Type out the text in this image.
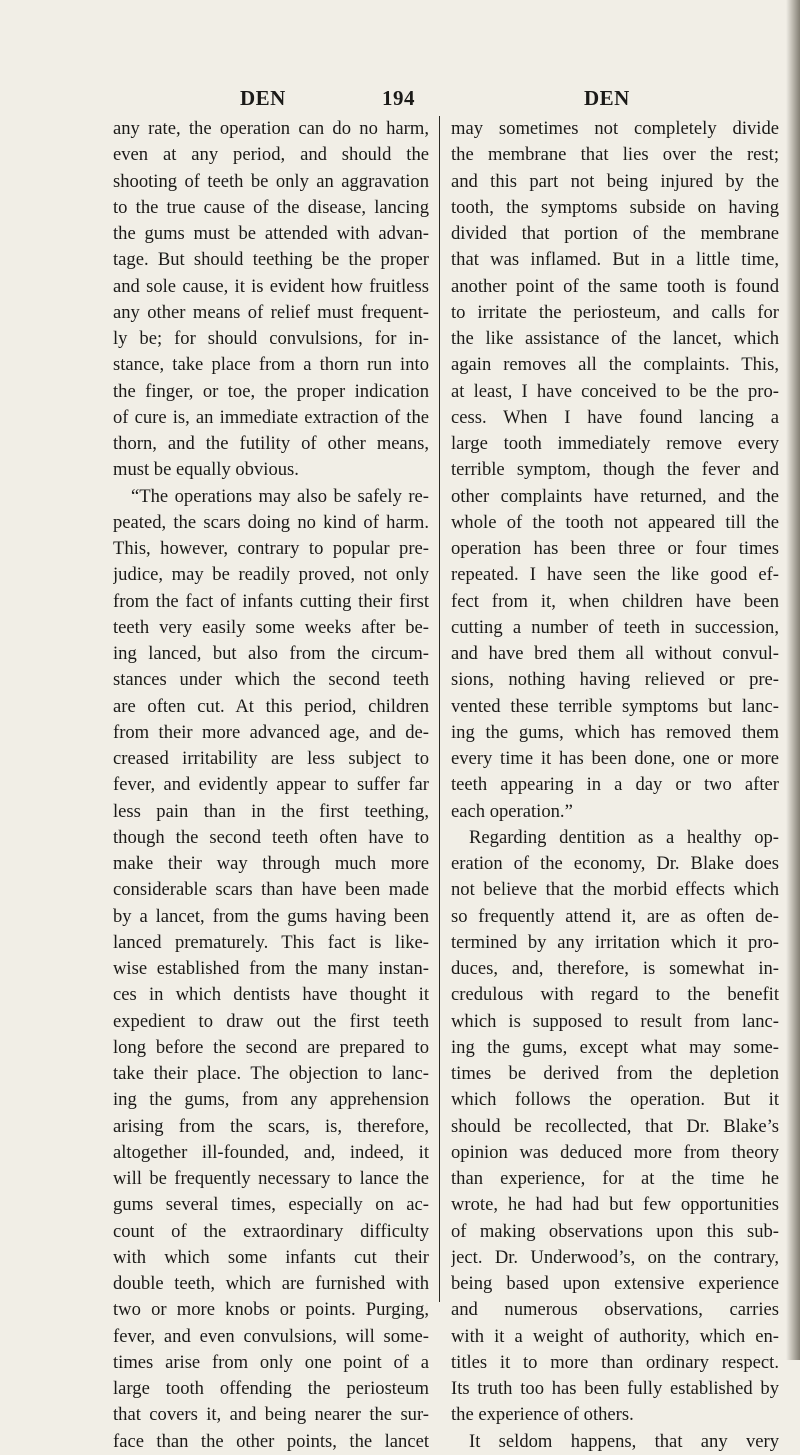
DEN	194	DEN
any rate, the operation can do no harm,
even at any period, and should the
shooting of teeth be only an aggravation
to the true cause of the disease, lancing
the gums must be attended with advan-
tage. But should teething be the proper
and sole cause, it is evident how fruitless
any other means of relief must frequent-
ly be; for should convulsions, for in-
stance, take place from a thorn run into
the finger, or toe, the proper indication
of cure is, an immediate extraction of the
thorn, and the futility of other means,
must be equally obvious.
“The operations may also be safely re-
peated, the scars doing no kind of harm.
This, however, contrary to popular pre-
judice, may be readily proved, not only
from the fact of infants cutting their first
teeth very easily some weeks after be-
ing lanced, but also from the circum-
stances under which the second teeth
are often cut. At this period, children
from their more advanced age, and de-
creased irritability are less subject to
fever, and evidently appear to suffer far
less pain than in the first teething,
though the second teeth often have to
make their way through much more
considerable scars than have been made
by a lancet, from the gums having been
lanced prematurely. This fact is like-
wise established from the many instan-
ces in which dentists have thought it
expedient to draw out the first teeth
long before the second are prepared to
take their place. The objection to lanc-
ing the gums, from any apprehension
arising from the scars, is, therefore,
altogether ill-founded, and, indeed, it
will be frequently necessary to lance the
gums several times, especially on ac-
count of the extraordinary difficulty
with which some infants cut their
double teeth, which are furnished with
two or more knobs or points. Purging,
fever, and even convulsions, will some-
times arise from only one point of a
large tooth offending the periosteum
that covers it, and being nearer the sur-
face than the other points, the lancet
may sometimes not completely divide
the membrane that lies over the rest;
and this part not being injured by the
tooth, the symptoms subside on having
divided that portion of the membrane
that was inflamed. But in a little time,
another point of the same tooth is found
to irritate the periosteum, and calls for
the like assistance of the lancet, which
again removes all the complaints. This,
at least, I have conceived to be the pro-
cess. When I have found lancing a
large tooth immediately remove every
terrible symptom, though the fever and
other complaints have returned, and the
whole of the tooth not appeared till the
operation has been three or four times
repeated. I have seen the like good ef-
fect from it, when children have been
cutting a number of teeth in succession,
and have bred them all without convul-
sions, nothing having relieved or pre-
vented these terrible symptoms but lanc-
ing the gums, which has removed them
every time it has been done, one or more
teeth appearing in a day or two after
each operation.”
Regarding dentition as a healthy op-
eration of the economy, Dr. Blake does
not believe that the morbid effects which
so frequently attend it, are as often de-
termined by any irritation which it pro-
duces, and, therefore, is somewhat in-
credulous with regard to the benefit
which is supposed to result from lanc-
ing the gums, except what may some-
times be derived from the depletion
which follows the operation. But it
should be recollected, that Dr. Blake’s
opinion was deduced more from theory
than experience, for at the time he
wrote, he had had but few opportunities
of making observations upon this sub-
ject. Dr. Underwood’s, on the contrary,
being based upon extensive experience
and numerous observations, carries
with it a weight of authority, which en-
titles it to more than ordinary respect.
Its truth too has been fully established by
the experience of others.
It seldom happens, that any very
